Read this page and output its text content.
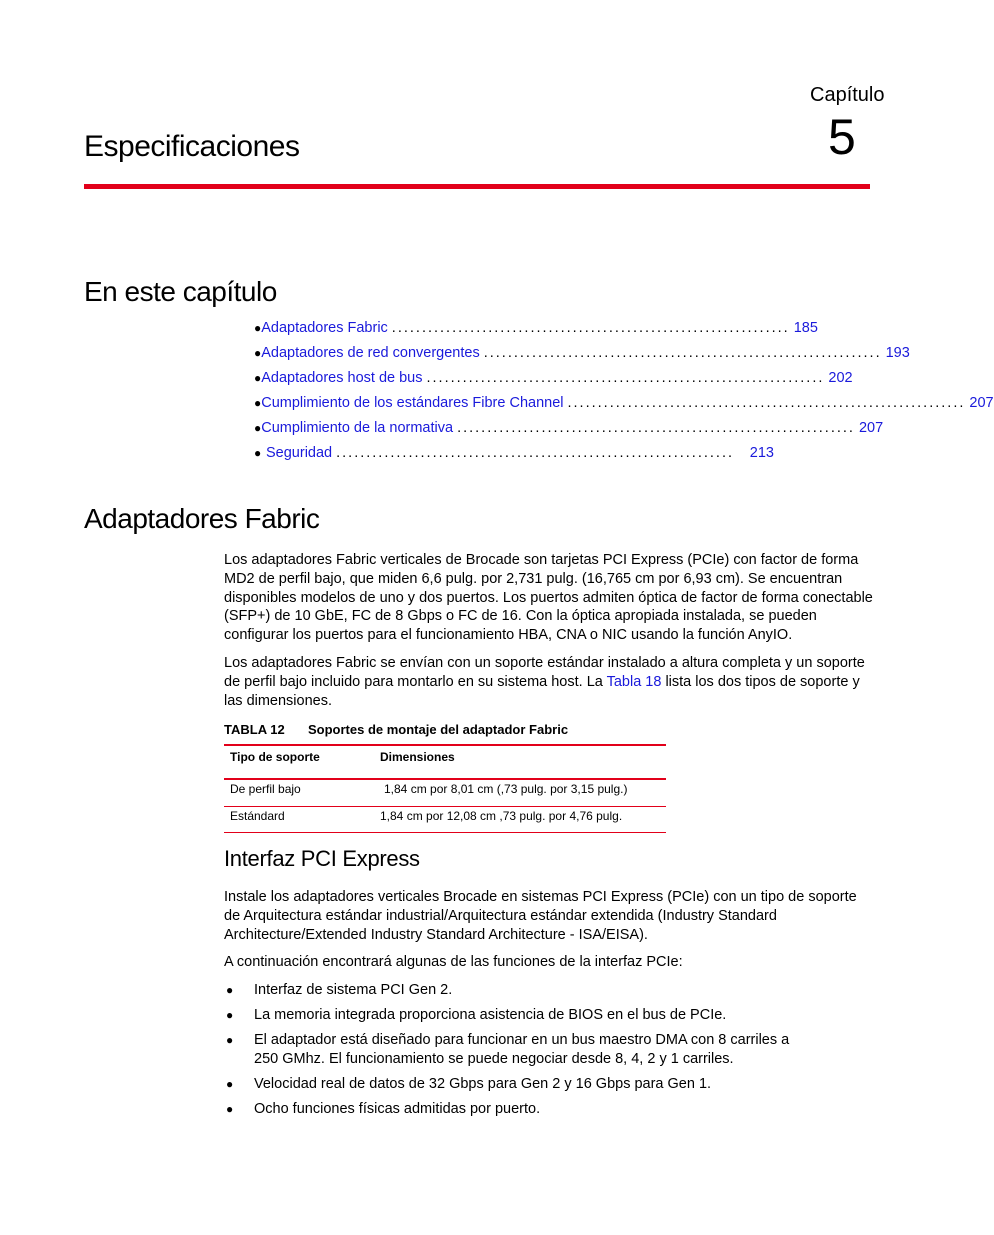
Capítulo
5
Especificaciones
En este capítulo
● Adaptadores Fabric .................................................................. 185
● Adaptadores de red convergentes .................................................................. 193
● Adaptadores host de bus .................................................................. 202
● Cumplimiento de los estándares Fibre Channel .................................................................. 207
● Cumplimiento de la normativa .................................................................. 207
● Seguridad ..................................................................	213
Adaptadores Fabric
Los adaptadores Fabric verticales de Brocade son tarjetas PCI Express (PCIe) con factor de forma MD2 de perfil bajo, que miden 6,6 pulg. por 2,731 pulg. (16,765 cm por 6,93 cm). Se encuentran disponibles modelos de uno y dos puertos. Los puertos admiten óptica de factor de forma conectable (SFP+) de 10 GbE, FC de 8 Gbps o FC de 16. Con la óptica apropiada instalada, se pueden configurar los puertos para el funcionamiento HBA, CNA o NIC usando la función AnyIO.
Los adaptadores Fabric se envían con un soporte estándar instalado a altura completa y un soporte de perfil bajo incluido para montarlo en su sistema host. La Tabla 18 lista los dos tipos de soporte y las dimensiones.
TABLA 12 Soportes de montaje del adaptador Fabric
Tipo de soporte	Dimensiones
De perfil bajo	1,84 cm por 8,01 cm (,73 pulg. por 3,15 pulg.)
Estándard	1,84 cm por 12,08 cm ,73 pulg. por 4,76 pulg.
Interfaz PCI Express
Instale los adaptadores verticales Brocade en sistemas PCI Express (PCIe) con un tipo de soporte de Arquitectura estándar industrial/Arquitectura estándar extendida (Industry Standard Architecture/Extended Industry Standard Architecture - ISA/EISA).
A continuación encontrará algunas de las funciones de la interfaz PCIe:
●	Interfaz de sistema PCI Gen 2.
●	La memoria integrada proporciona asistencia de BIOS en el bus de PCIe.
●	El adaptador está diseñado para funcionar en un bus maestro DMA con 8 carriles a 250 GMhz. El funcionamiento se puede negociar desde 8, 4, 2 y 1 carriles.
●	Velocidad real de datos de 32 Gbps para Gen 2 y 16 Gbps para Gen 1.
●	Ocho funciones físicas admitidas por puerto.
